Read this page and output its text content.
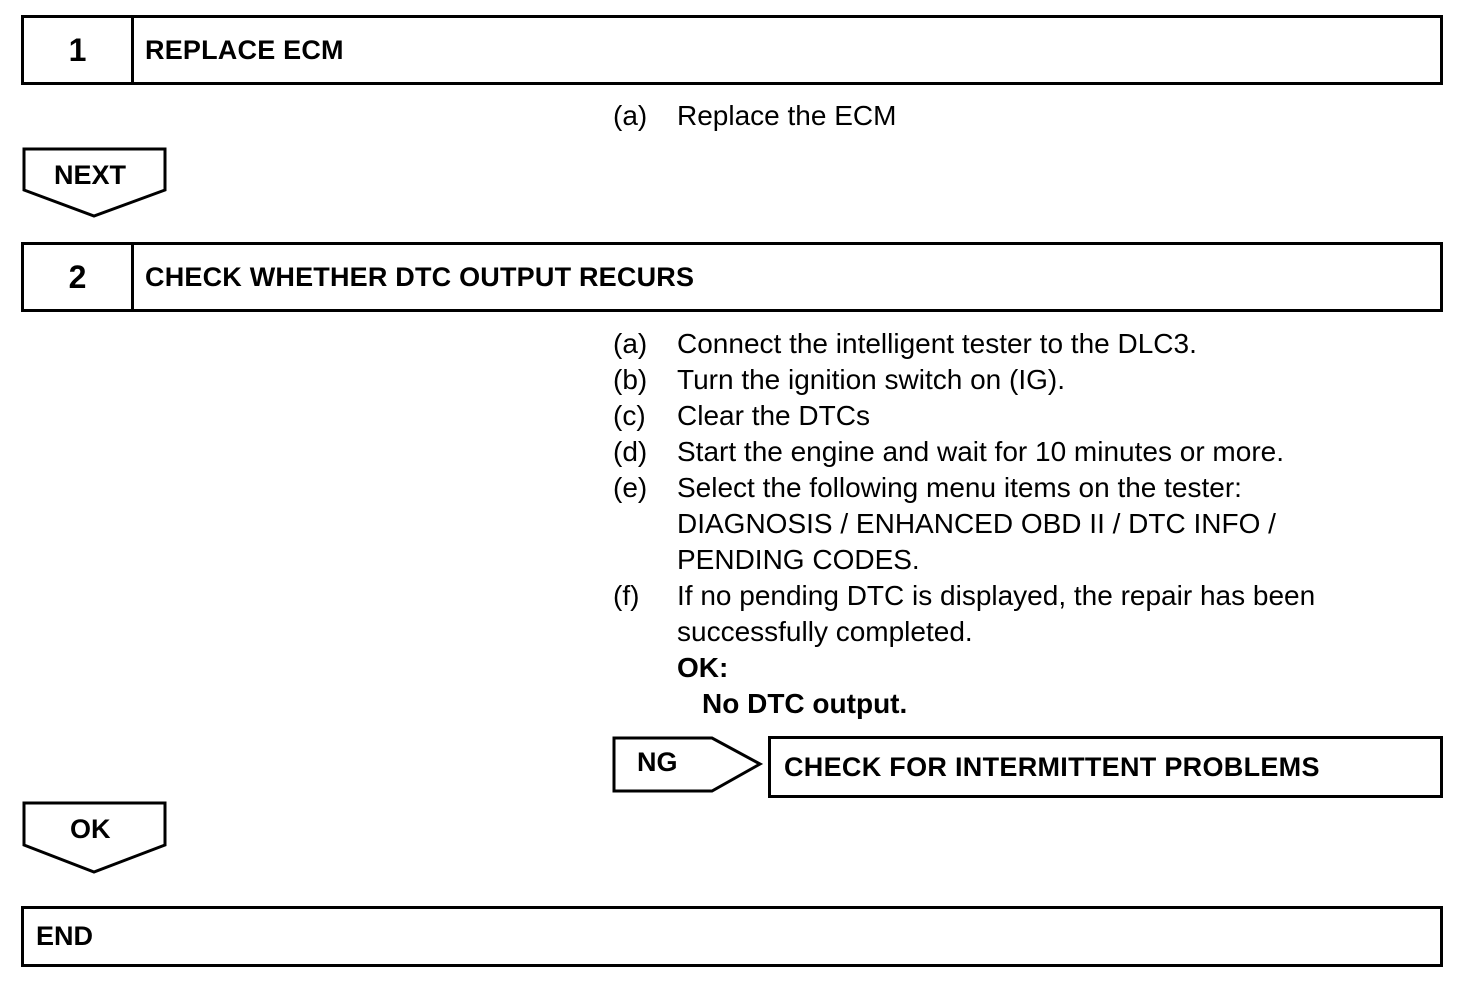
1	REPLACE ECM
(a) Replace the ECM
NEXT
2	CHECK WHETHER DTC OUTPUT RECURS
(a) Connect the intelligent tester to the DLC3.
(b) Turn the ignition switch on (IG).
(c) Clear the DTCs
(d) Start the engine and wait for 10 minutes or more.
(e) Select the following menu items on the tester:
DIAGNOSIS / ENHANCED OBD II / DTC INFO /
PENDING CODES.
(f) If no pending DTC is displayed, the repair has been
successfully completed.
OK:
No DTC output.
NG	CHECK FOR INTERMITTENT PROBLEMS
OK
END
